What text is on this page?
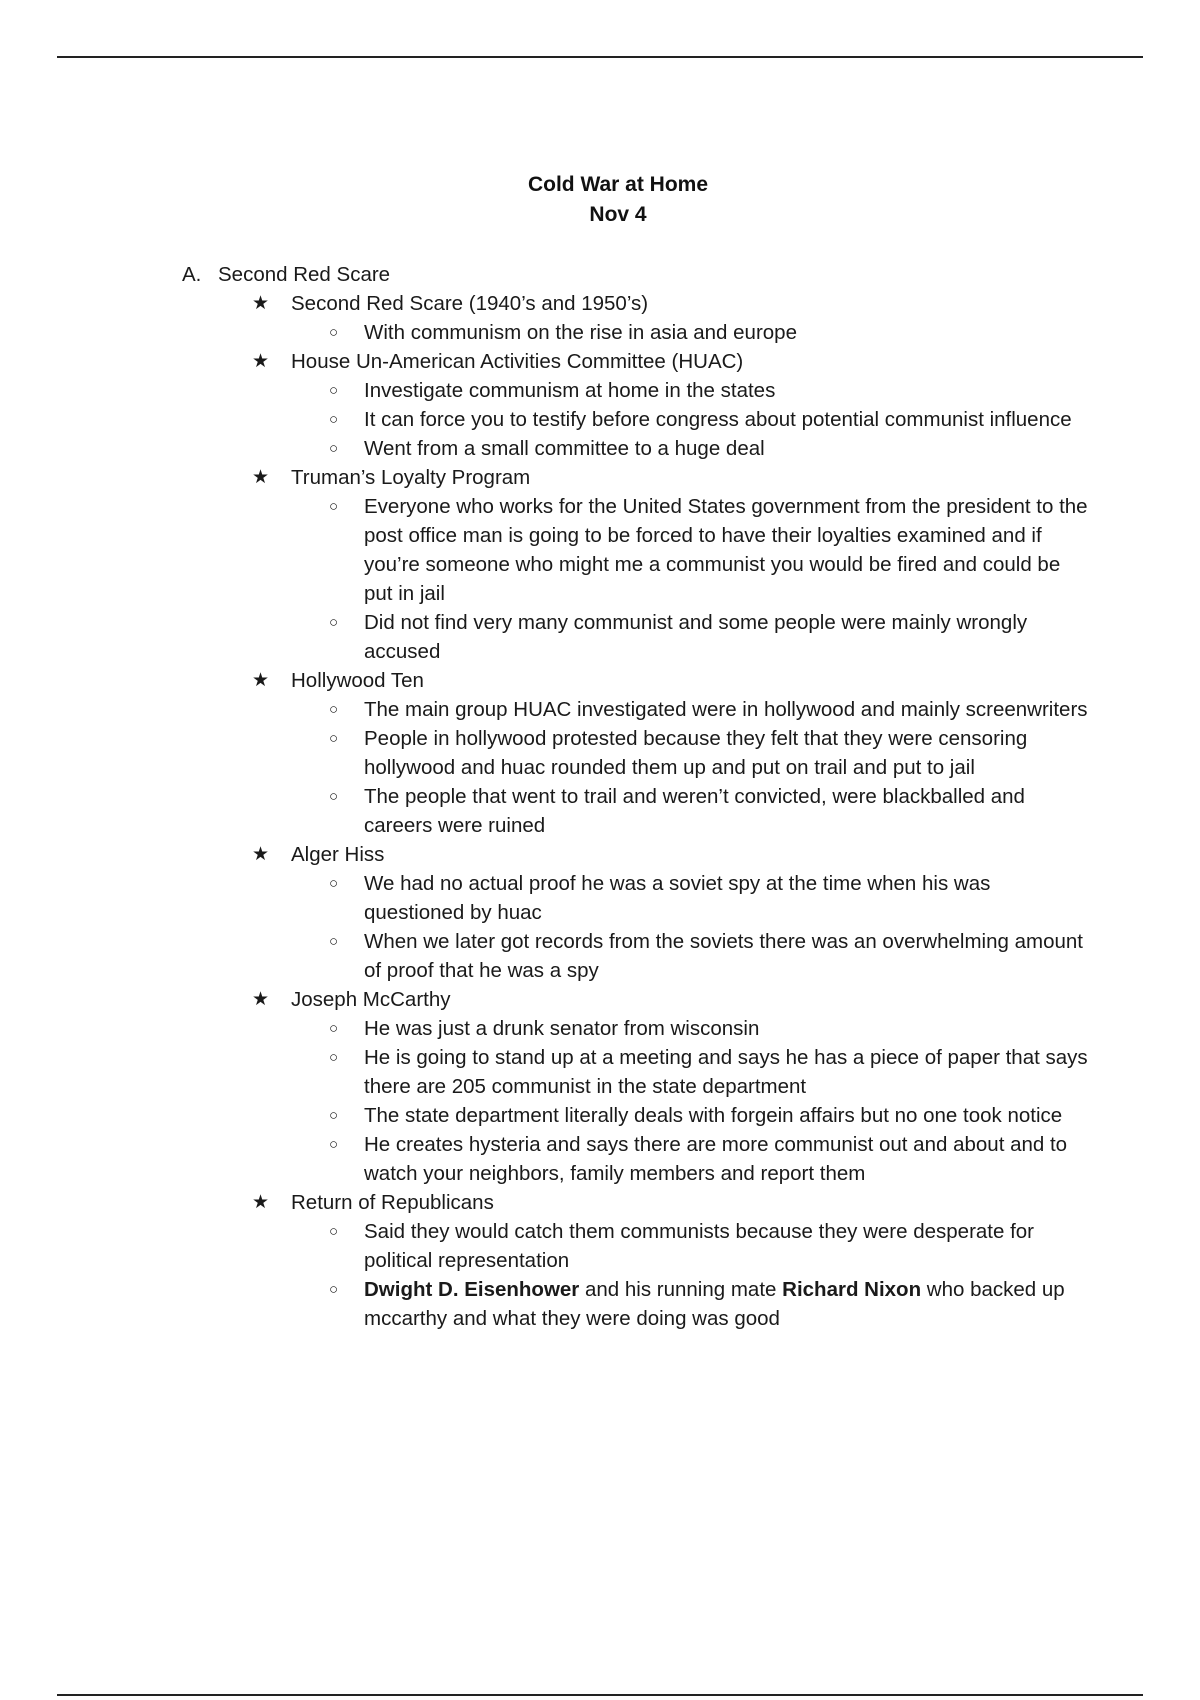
Cold War at Home
Nov 4
A. Second Red Scare
★ Second Red Scare (1940’s and 1950’s)
○ With communism on the rise in asia and europe
★ House Un-American Activities Committee (HUAC)
○ Investigate communism at home in the states
○ It can force you to testify before congress about potential communist influence
○ Went from a small committee to a huge deal
★ Truman’s Loyalty Program
○ Everyone who works for the United States government from the president to the post office man is going to be forced to have their loyalties examined and if you’re someone who might me a communist you would be fired and could be put in jail
○ Did not find very many communist and some people were mainly wrongly accused
★ Hollywood Ten
○ The main group HUAC investigated were in hollywood and mainly screenwriters
○ People in hollywood protested because they felt that they were censoring hollywood and huac rounded them up and put on trail and put to jail
○ The people that went to trail and weren’t convicted, were blackballed and careers were ruined
★ Alger Hiss
○ We had no actual proof he was a soviet spy at the time when his was questioned by huac
○ When we later got records from the soviets there was an overwhelming amount of proof that he was a spy
★ Joseph McCarthy
○ He was just a drunk senator from wisconsin
○ He is going to stand up at a meeting and says he has a piece of paper that says there are 205 communist in the state department
○ The state department literally deals with forgein affairs but no one took notice
○ He creates hysteria and says there are more communist out and about and to watch your neighbors, family members and report them
★ Return of Republicans
○ Said they would catch them communists because they were desperate for political representation
○ Dwight D. Eisenhower and his running mate Richard Nixon who backed up mccarthy and what they were doing was good
